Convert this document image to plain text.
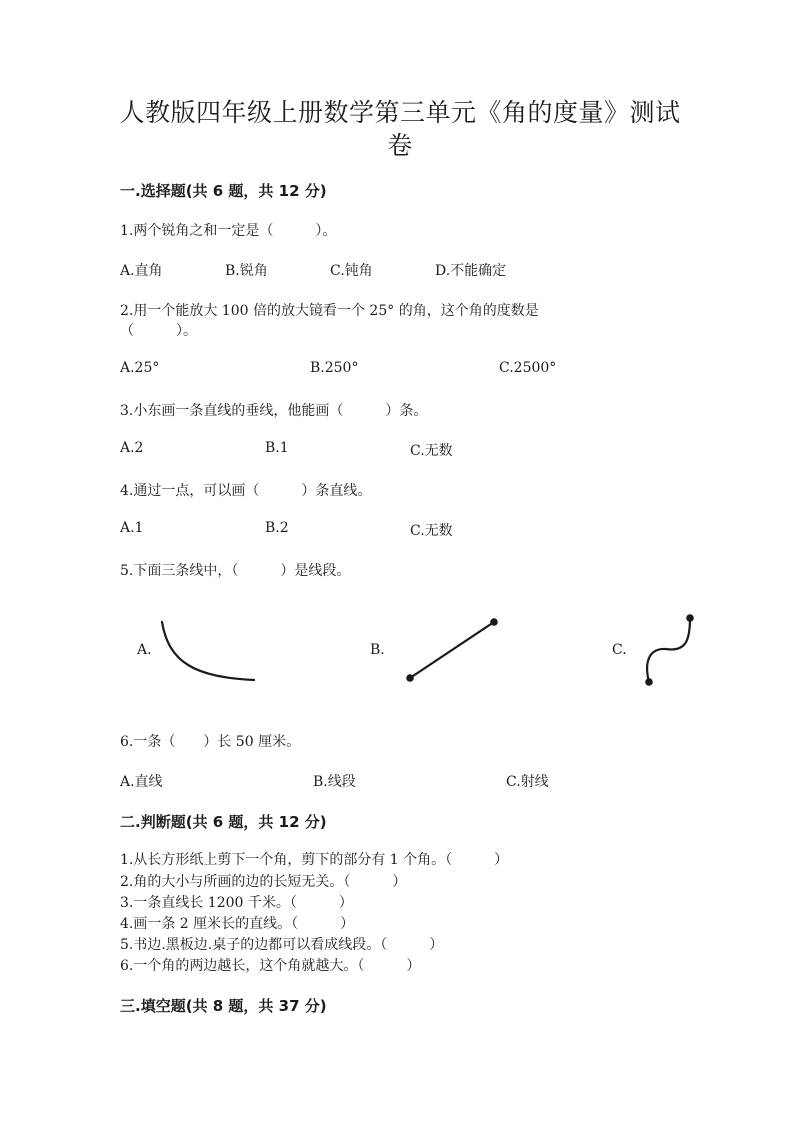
人教版四年级上册数学第三单元《角的度量》测试
卷
一.选择题(共 6 题，共 12 分)
1.两个锐角之和一定是（　　　）。
A.直角	B.锐角	C.钝角	D.不能确定
2.用一个能放大 100 倍的放大镜看一个 25° 的角，这个角的度数是
（　　　）。
A.25°	B.250°	C.2500°
3.小东画一条直线的垂线，他能画（　　　）条。
A.2	B.1	C.无数
4.通过一点，可以画（　　　）条直线。
A.1	B.2	C.无数
5.下面三条线中，（　　　）是线段。
A.	B.	C.
6.一条（　　）长 50 厘米。
A.直线	B.线段	C.射线
二.判断题(共 6 题，共 12 分)
1.从长方形纸上剪下一个角，剪下的部分有 1 个角。（　　　）
2.角的大小与所画的边的长短无关。（　　　）
3.一条直线长 1200 千米。（　　　）
4.画一条 2 厘米长的直线。（　　　）
5.书边.黑板边.桌子的边都可以看成线段。（　　　）
6.一个角的两边越长，这个角就越大。（　　　）
三.填空题(共 8 题，共 37 分)
